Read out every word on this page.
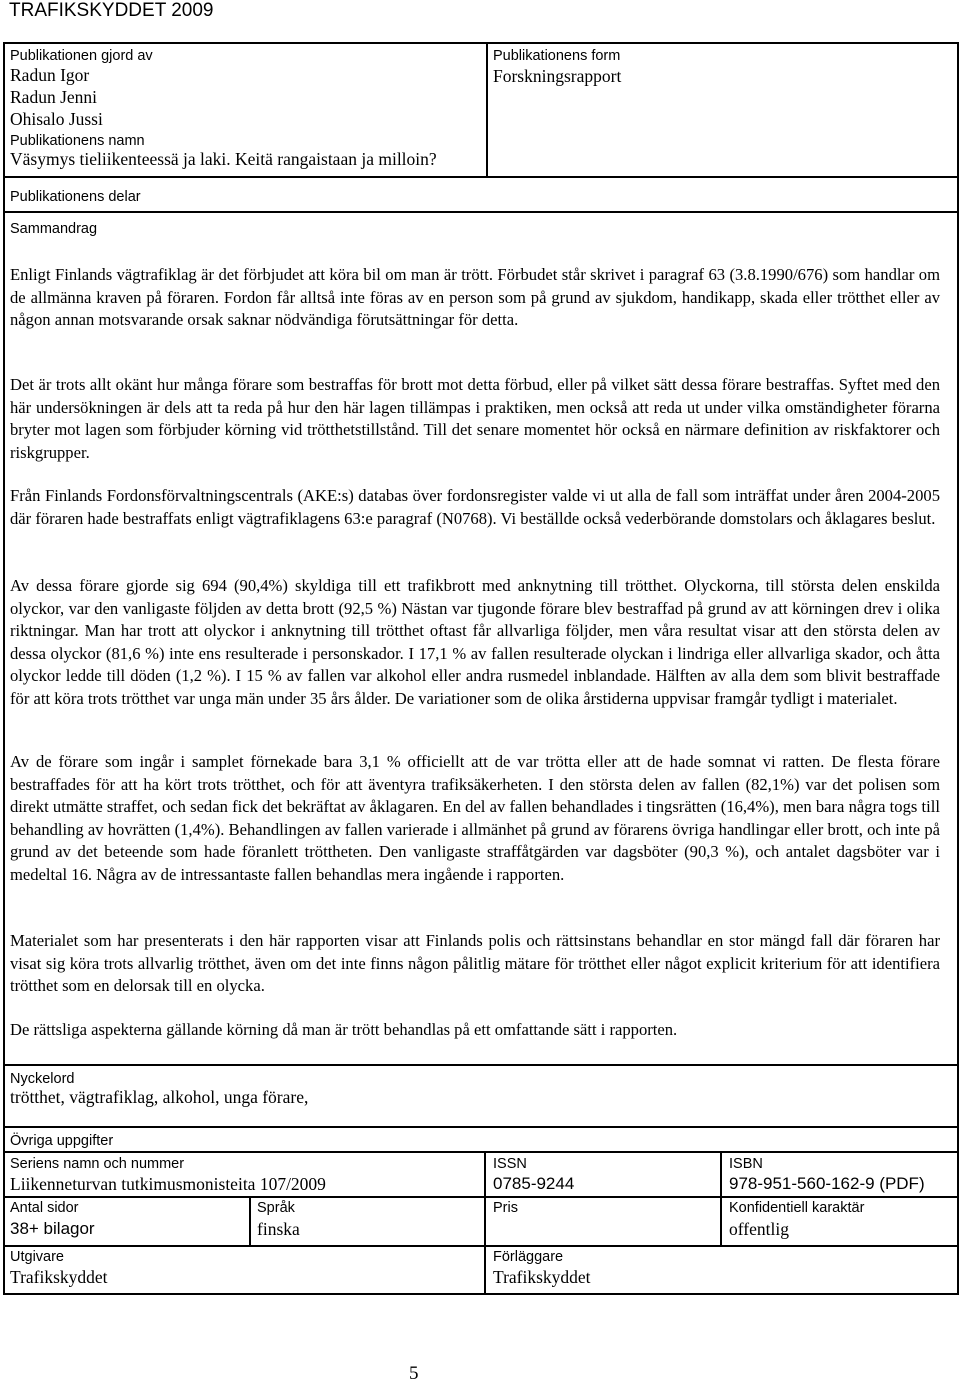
TRAFIKSKYDDET 2009
Publikationen gjord av
Radun Igor
Radun Jenni
Ohisalo Jussi
Publikationens namn
Väsymys tieliikenteessä ja laki. Keitä rangaistaan ja milloin?
Publikationens form
Forskningsrapport
Publikationens delar
Sammandrag

Enligt Finlands vägtrafiklag är det förbjudet att köra bil om man är trött. Förbudet står skrivet i paragraf 63 (3.8.1990/676) som handlar om de allmänna kraven på föraren. Fordon får alltså inte föras av en person som på grund av sjukdom, handikapp, skada eller trötthet eller av någon annan motsvarande orsak saknar nödvändiga förutsättningar för detta.

Det är trots allt okänt hur många förare som bestraffas för brott mot detta förbud, eller på vilket sätt dessa förare bestraffas. Syftet med den här undersökningen är dels att ta reda på hur den här lagen tillämpas i praktiken, men också att reda ut under vilka omständigheter förarna bryter mot lagen som förbjuder körning vid trötthetstillstånd. Till det senare momentet hör också en närmare definition av riskfaktorer och riskgrupper.

Från Finlands Fordonsförvaltningscentrals (AKE:s) databas över fordonsregister valde vi ut alla de fall som inträffat under åren 2004-2005 där föraren hade bestraffats enligt vägtrafiklagens 63:e paragraf (N0768). Vi beställde också vederbörande domstolars och åklagares beslut.

Av dessa förare gjorde sig 694 (90,4%) skyldiga till ett trafikbrott med anknytning till trötthet. Olyckorna, till största delen enskilda olyckor, var den vanligaste följden av detta brott (92,5 %) Nästan var tjugonde förare blev bestraffad på grund av att körningen drev i olika riktningar. Man har trott att olyckor i anknytning till trötthet oftast får allvarliga följder, men våra resultat visar att den största delen av dessa olyckor (81,6 %) inte ens resulterade i personskador. I 17,1 % av fallen resulterade olyckan i lindriga eller allvarliga skador, och åtta olyckor ledde till döden (1,2 %). I 15 % av fallen var alkohol eller andra rusmedel inblandade. Hälften av alla dem som blivit bestraffade för att köra trots trötthet var unga män under 35 års ålder. De variationer som de olika årstiderna uppvisar framgår tydligt i materialet.

Av de förare som ingår i samplet förnekade bara 3,1 % officiellt att de var trötta eller att de hade somnat vi ratten. De flesta förare bestraffades för att ha kört trots trötthet, och för att äventyra trafiksäkerheten. I den största delen av fallen (82,1%) var det polisen som direkt utmätte straffet, och sedan fick det bekräftat av åklagaren. En del av fallen behandlades i tingsrätten (16,4%), men bara några togs till behandling av hovrätten (1,4%). Behandlingen av fallen varierade i allmänhet på grund av förarens övriga handlingar eller brott, och inte på grund av det beteende som hade föranlett tröttheten. Den vanligaste straffåtgärden var dagsböter (90,3 %), och antalet dagsböter var i medeltal 16. Några av de intressantaste fallen behandlas mera ingående i rapporten.

Materialet som har presenterats i den här rapporten visar att Finlands polis och rättsinstans behandlar en stor mängd fall där föraren har visat sig köra trots allvarlig trötthet, även om det inte finns någon pålitlig mätare för trötthet eller något explicit kriterium för att identifiera trötthet som en delorsak till en olycka.

De rättsliga aspekterna gällande körning då man är trött behandlas på ett omfattande sätt i rapporten.

Nyckelord
trötthet, vägtrafiklag, alkohol, unga förare,
Övriga uppgifter
Seriens namn och nummer
Liikenneturvan tutkimusmonisteita 107/2009
ISSN
0785-9244
ISBN
978-951-560-162-9 (PDF)
Antal sidor
38+ bilagor
Språk
finska
Pris	Konfidentiell karaktär
offentlig
Utgivare
Trafikskyddet
Förläggare
Trafikskyddet
5
